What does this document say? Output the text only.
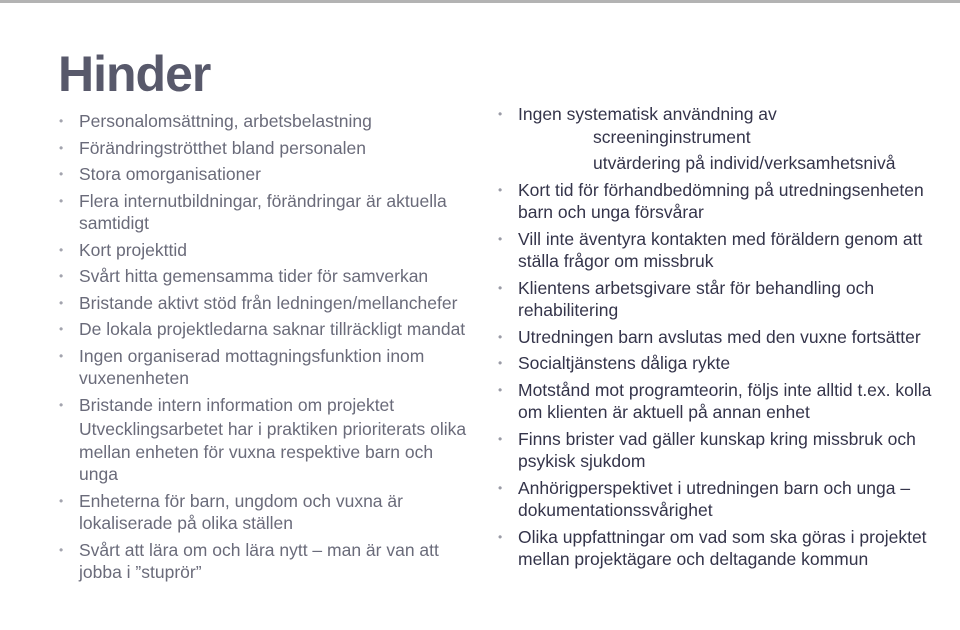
Hinder
• Personalomsättning, arbetsbelastning
• Förändringströtthet bland personalen
• Stora omorganisationer
• Flera internutbildningar, förändringar är aktuella samtidigt
• Kort projekttid
• Svårt hitta gemensamma tider för samverkan
• Bristande aktivt stöd från ledningen/mellanchefer
• De lokala projektledarna saknar tillräckligt mandat
• Ingen organiserad mottagningsfunktion inom vuxenenheten
• Bristande intern information om projektet
Utvecklingsarbetet har i praktiken prioriterats olika mellan enheten för vuxna respektive barn och unga
• Enheterna för barn, ungdom och vuxna är lokaliserade på olika ställen
• Svårt att lära om och lära nytt – man är van att jobba i ”stuprör”
• Ingen systematisk användning av
screeninginstrument
utvärdering på individ/verksamhetsnivå
• Kort tid för förhandbedömning på utredningsenheten barn och unga försvårar
• Vill inte äventyra kontakten med föräldern genom att ställa frågor om missbruk
• Klientens arbetsgivare står för behandling och rehabilitering
• Utredningen barn avslutas med den vuxne fortsätter
• Socialtjänstens dåliga rykte
• Motstånd mot programteorin, följs inte alltid t.ex. kolla om klienten är aktuell på annan enhet
• Finns brister vad gäller kunskap kring missbruk och psykisk sjukdom
• Anhörigperspektivet i utredningen barn och unga – dokumentationssvårighet
• Olika uppfattningar om vad som ska göras i projektet mellan projektägare och deltagande kommun
